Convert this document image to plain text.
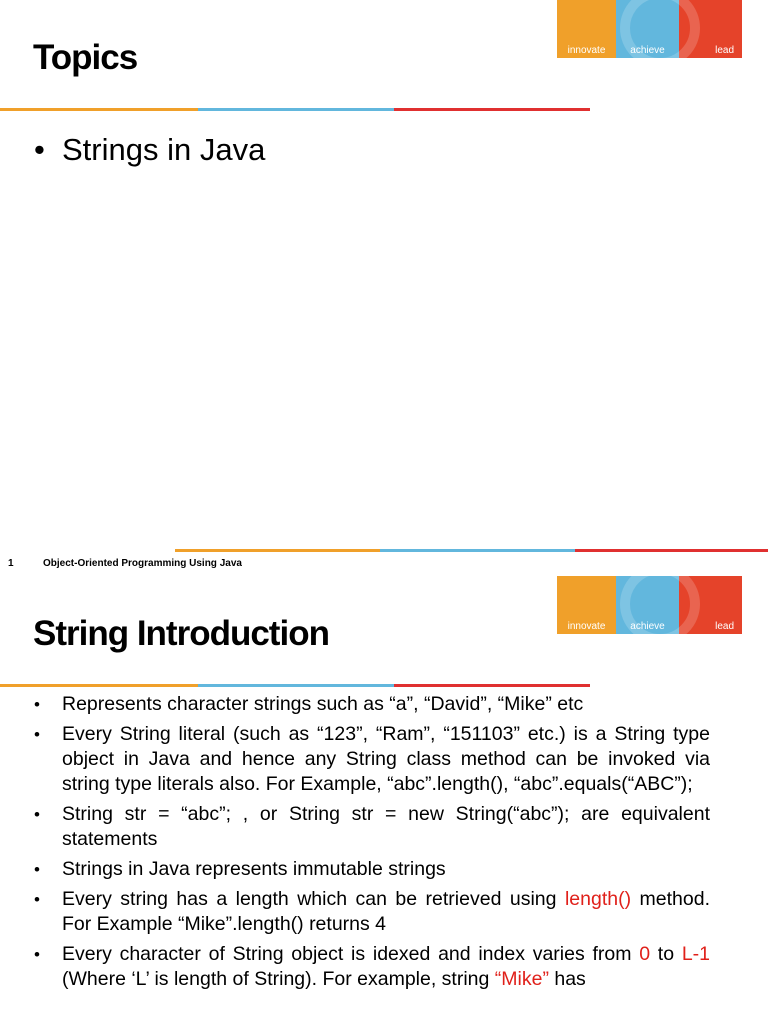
innovate	achieve	lead
Topics
• Strings in Java
1	Object-Oriented Programming Using Java
innovate	achieve	lead
String Introduction
• Represents character strings such as “a”, “David”, “Mike” etc
• Every String literal (such as “123”, “Ram”, “151103” etc.) is a String type object in Java and hence any String class method can be invoked via string type literals also. For Example, “abc”.length(), “abc”.equals(“ABC”);
• String str = “abc”; , or String str = new String(“abc”); are equivalent statements
• Strings in Java represents immutable strings
• Every string has a length which can be retrieved using length() method. For Example “Mike”.length() returns 4
• Every character of String object is idexed and index varies from 0 to L-1 (Where ‘L’ is length of String). For example, string “Mike” has
